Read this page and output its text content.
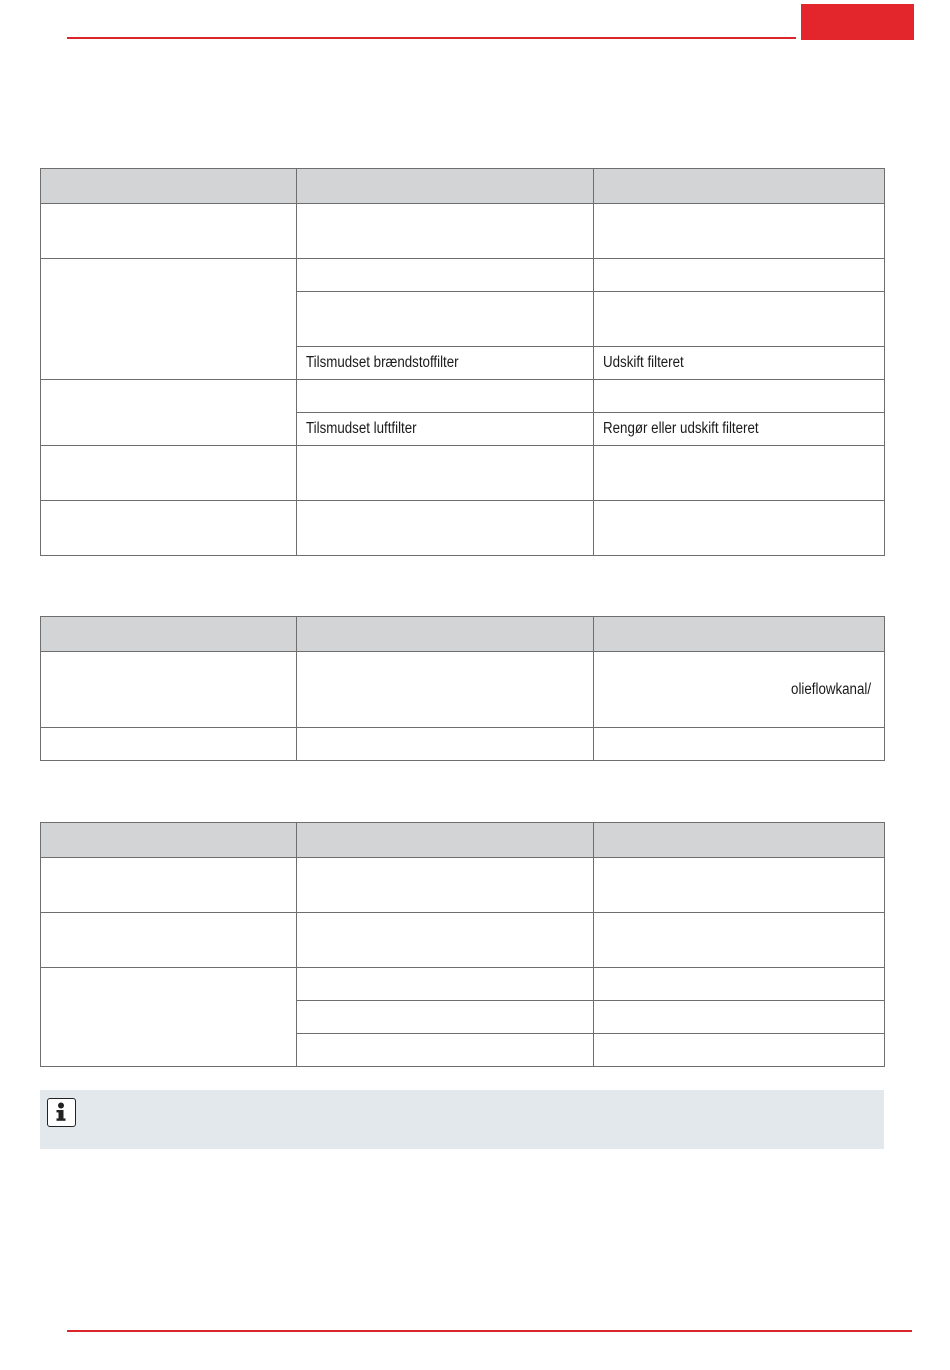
	Tilsmudset brændstoffilter	Udskift filteret

	Tilsmudset luftfilter	Rengør eller udskift filteret

		olieflowkanal/
